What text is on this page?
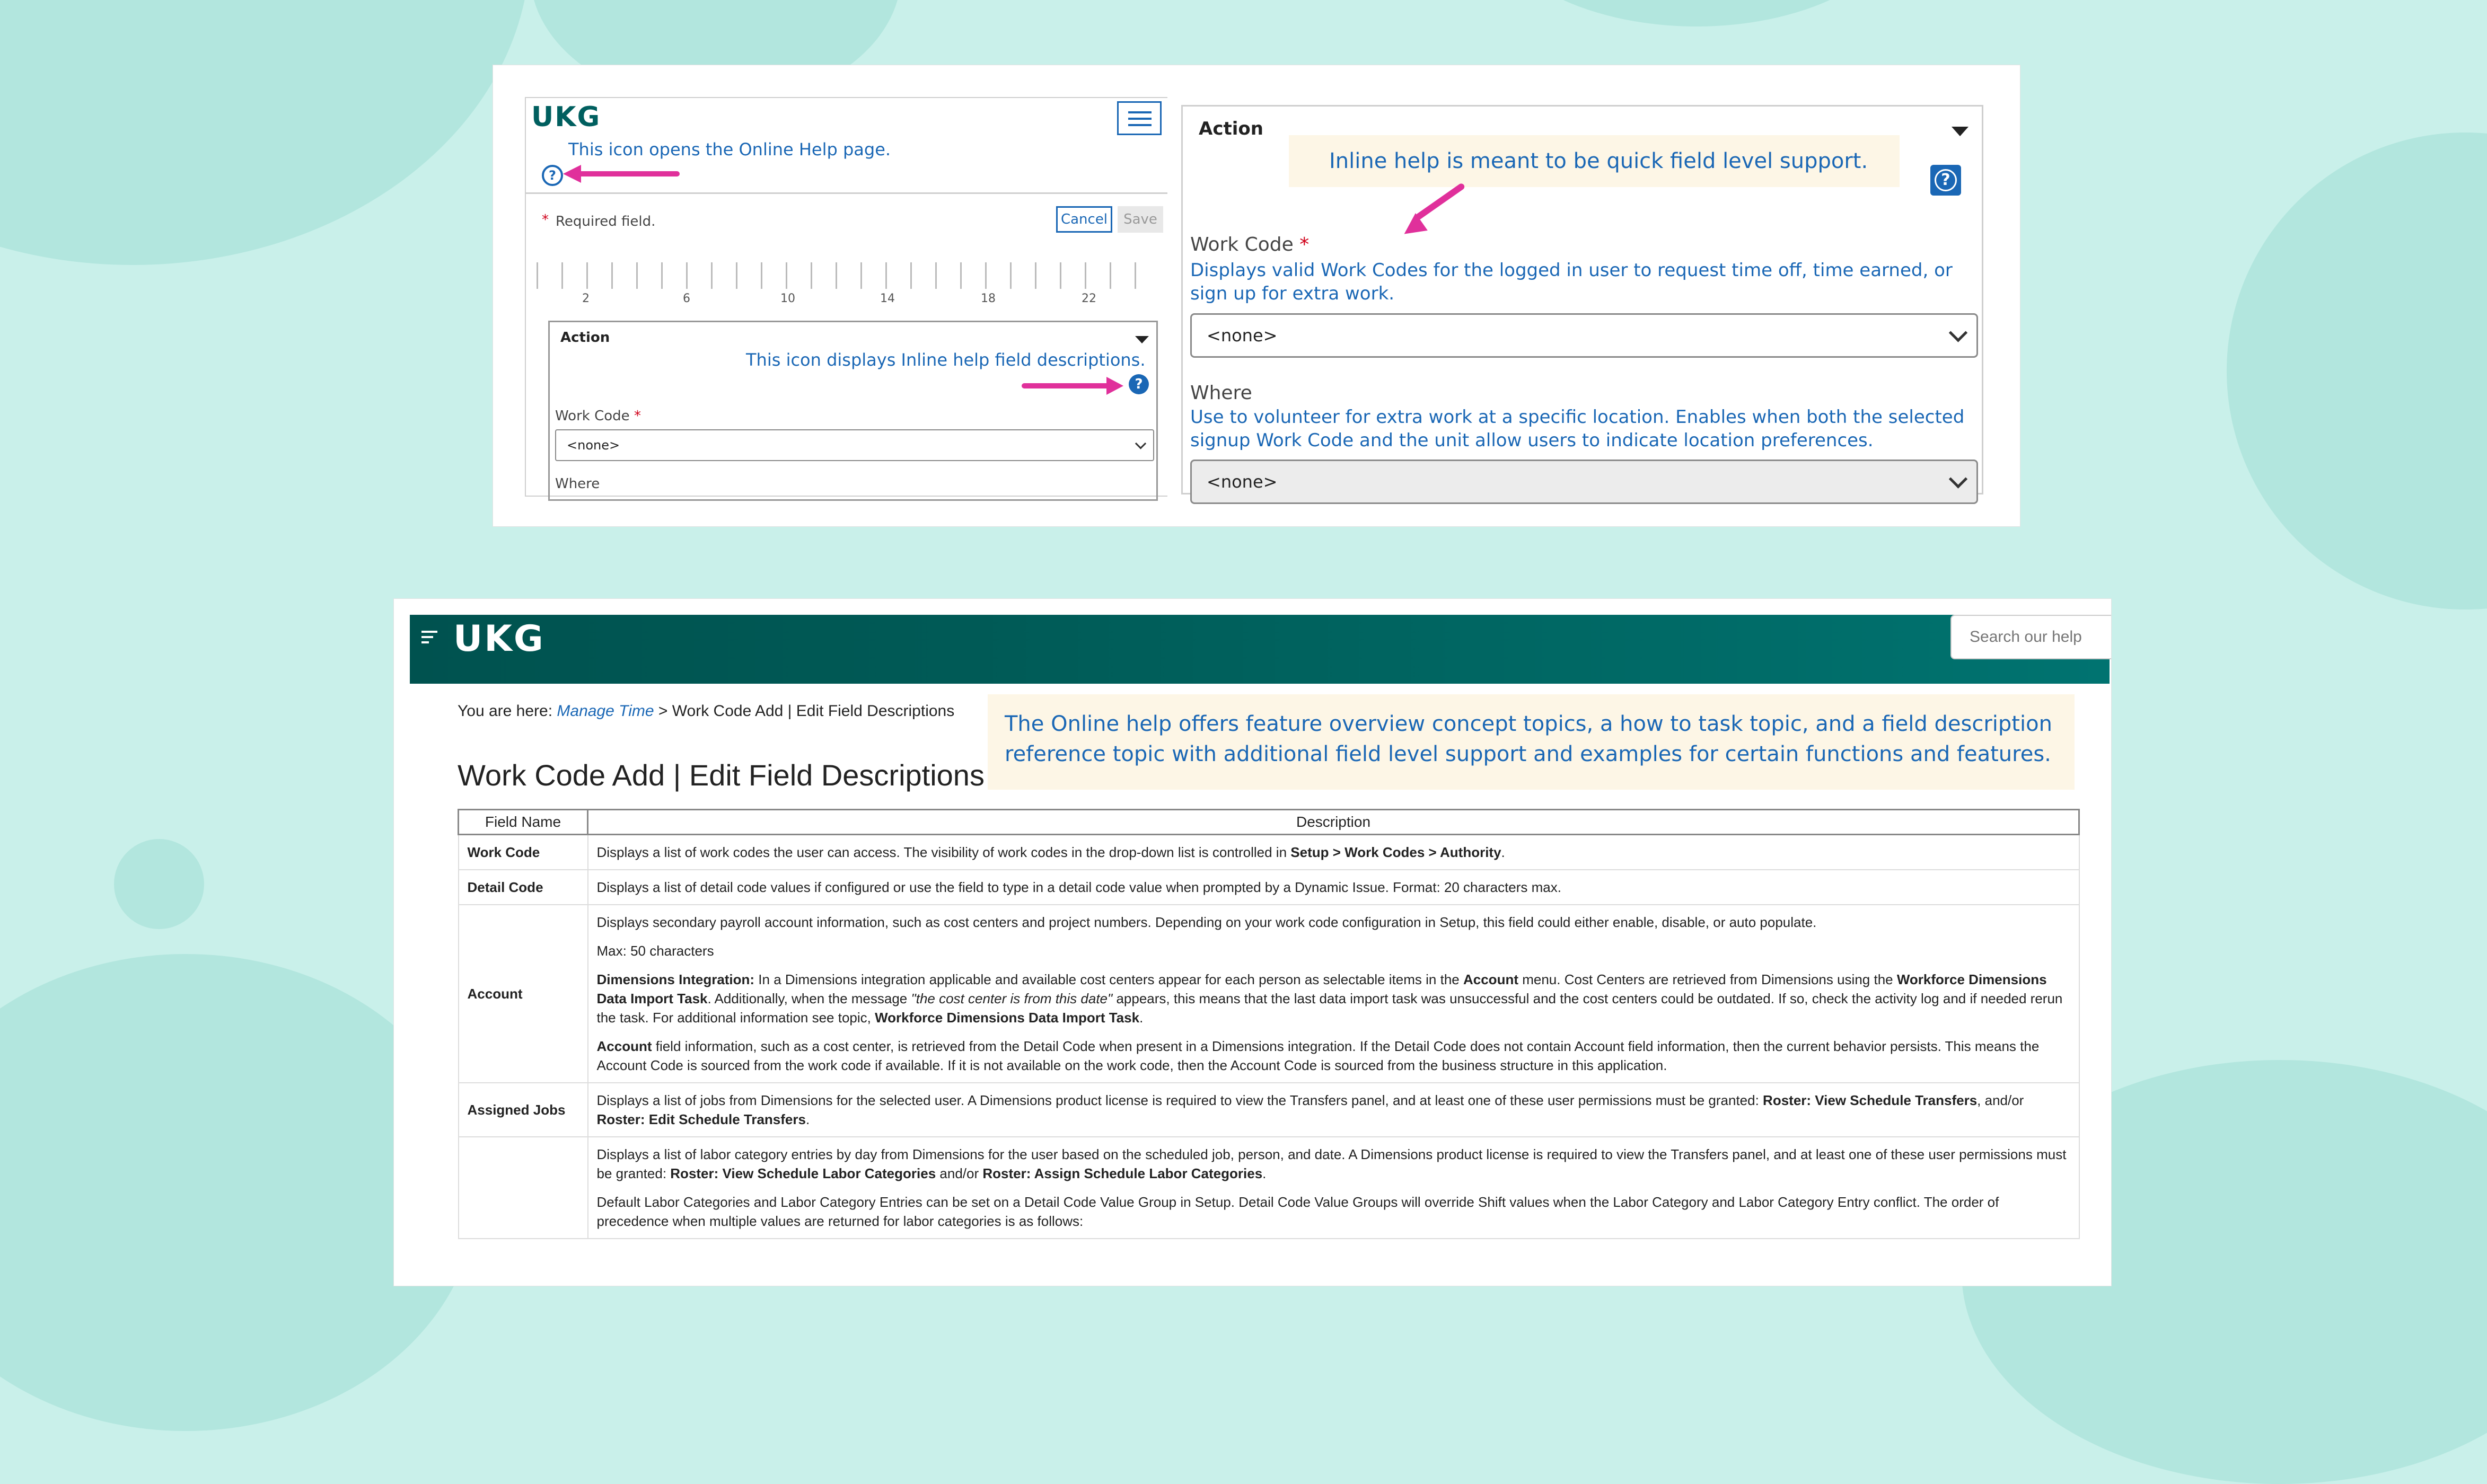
UKG
This icon opens the Online Help page.
?
* Required field.	Cancel	Save
2	6	10	14	18	22
Action
This icon displays Inline help field descriptions.
?
Work Code *
<none>
Where
Action
Inline help is meant to be quick field level support.
?
Work Code *
Displays valid Work Codes for the logged in user to request time off, time earned, or sign up for extra work.
<none>
Where
Use to volunteer for extra work at a specific location. Enables when both the selected signup Work Code and the unit allow users to indicate location preferences.
<none>
UKG
Search our help
You are here: Manage Time > Work Code Add | Edit Field Descriptions
The Online help offers feature overview concept topics, a how to task topic, and a field description reference topic with additional field level support and examples for certain functions and features.
Work Code Add | Edit Field Descriptions
Field Name	Description
Work Code	Displays a list of work codes the user can access. The visibility of work codes in the drop-down list is controlled in Setup > Work Codes > Authority.
Detail Code	Displays a list of detail code values if configured or use the field to type in a detail code value when prompted by a Dynamic Issue. Format: 20 characters max.
Account	Displays secondary payroll account information, such as cost centers and project numbers. Depending on your work code configuration in Setup, this field could either enable, disable, or auto populate.

Max: 50 characters

Dimensions Integration: In a Dimensions integration applicable and available cost centers appear for each person as selectable items in the Account menu. Cost Centers are retrieved from Dimensions using the Workforce Dimensions Data Import Task. Additionally, when the message "the cost center is from this date" appears, this means that the last data import task was unsuccessful and the cost centers could be outdated. If so, check the activity log and if needed rerun the task. For additional information see topic, Workforce Dimensions Data Import Task.

Account field information, such as a cost center, is retrieved from the Detail Code when present in a Dimensions integration. If the Detail Code does not contain Account field information, then the current behavior persists. This means the Account Code is sourced from the work code if available. If it is not available on the work code, then the Account Code is sourced from the business structure in this application.

Assigned Jobs	Displays a list of jobs from Dimensions for the selected user. A Dimensions product license is required to view the Transfers panel, and at least one of these user permissions must be granted: Roster: View Schedule Transfers, and/or Roster: Edit Schedule Transfers.

	Displays a list of labor category entries by day from Dimensions for the user based on the scheduled job, person, and date. A Dimensions product license is required to view the Transfers panel, and at least one of these user permissions must be granted: Roster: View Schedule Labor Categories and/or Roster: Assign Schedule Labor Categories.

Default Labor Categories and Labor Category Entries can be set on a Detail Code Value Group in Setup. Detail Code Value Groups will override Shift values when the Labor Category and Labor Category Entry conflict. The order of precedence when multiple values are returned for labor categories is as follows:
